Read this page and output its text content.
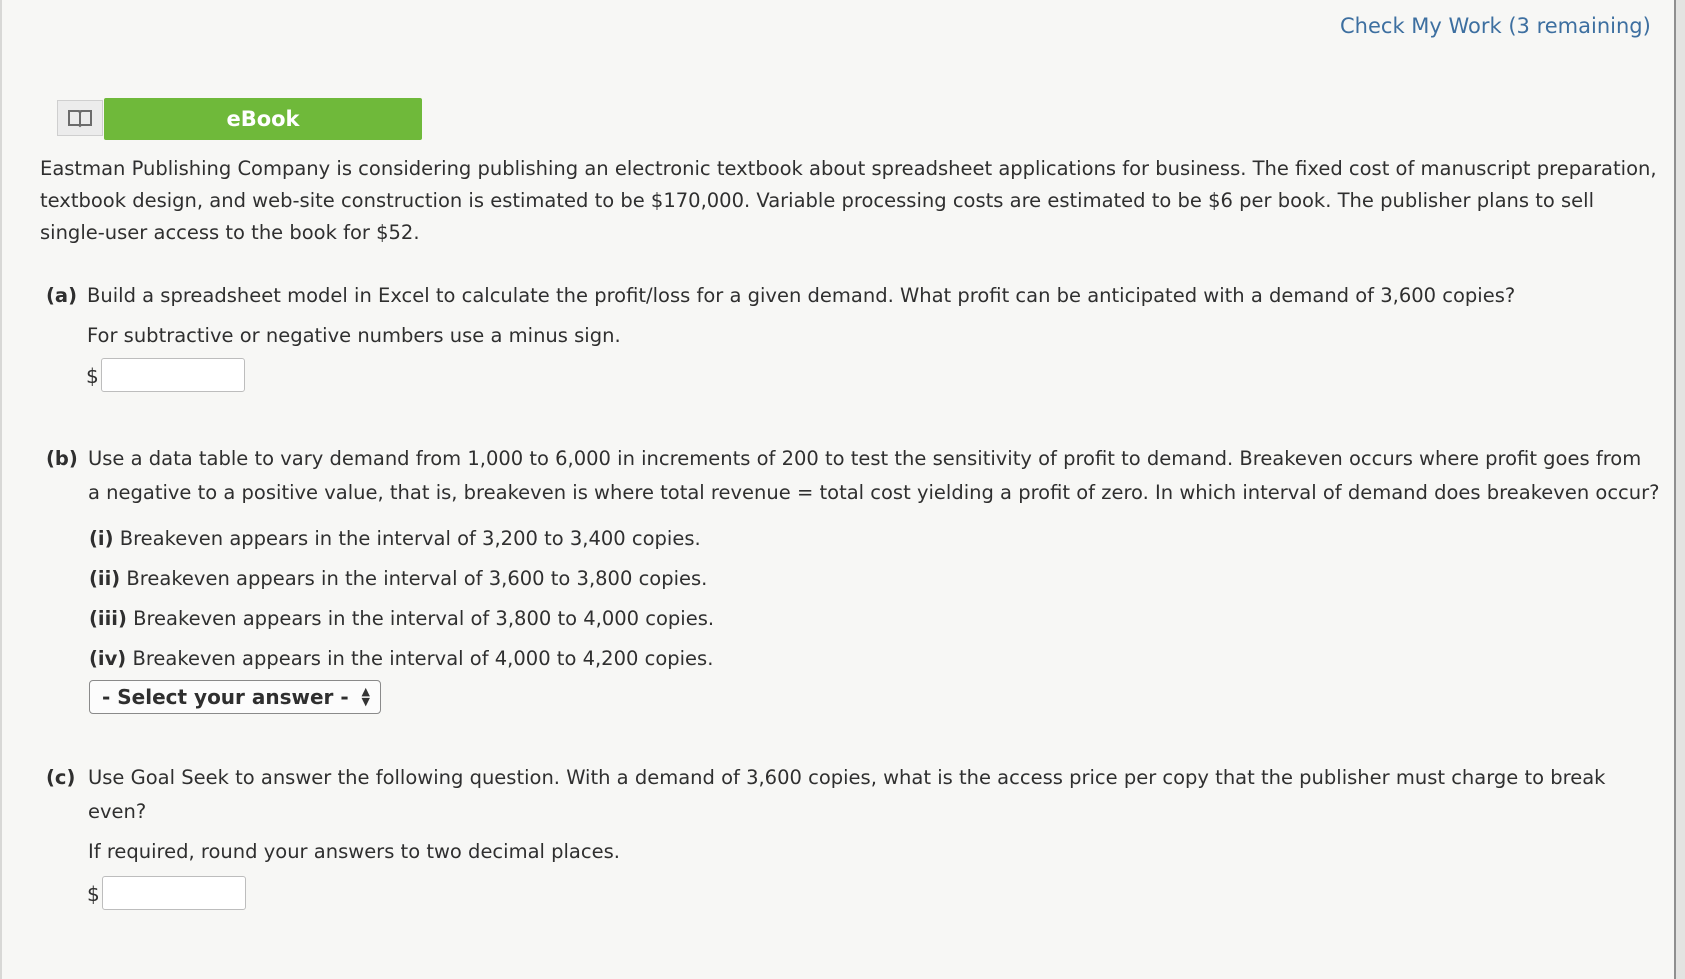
Check My Work (3 remaining)
eBook
Eastman Publishing Company is considering publishing an electronic textbook about spreadsheet applications for business. The fixed cost of manuscript preparation,
textbook design, and web-site construction is estimated to be $170,000. Variable processing costs are estimated to be $6 per book. The publisher plans to sell
single-user access to the book for $52.
(a) Build a spreadsheet model in Excel to calculate the profit/loss for a given demand. What profit can be anticipated with a demand of 3,600 copies?
For subtractive or negative numbers use a minus sign.
$
(b) Use a data table to vary demand from 1,000 to 6,000 in increments of 200 to test the sensitivity of profit to demand. Breakeven occurs where profit goes from
a negative to a positive value, that is, breakeven is where total revenue = total cost yielding a profit of zero. In which interval of demand does breakeven occur?
(i) Breakeven appears in the interval of 3,200 to 3,400 copies.
(ii) Breakeven appears in the interval of 3,600 to 3,800 copies.
(iii) Breakeven appears in the interval of 3,800 to 4,000 copies.
(iv) Breakeven appears in the interval of 4,000 to 4,200 copies.
- Select your answer - ▲
▼
(c) Use Goal Seek to answer the following question. With a demand of 3,600 copies, what is the access price per copy that the publisher must charge to break
even?
If required, round your answers to two decimal places.
$
